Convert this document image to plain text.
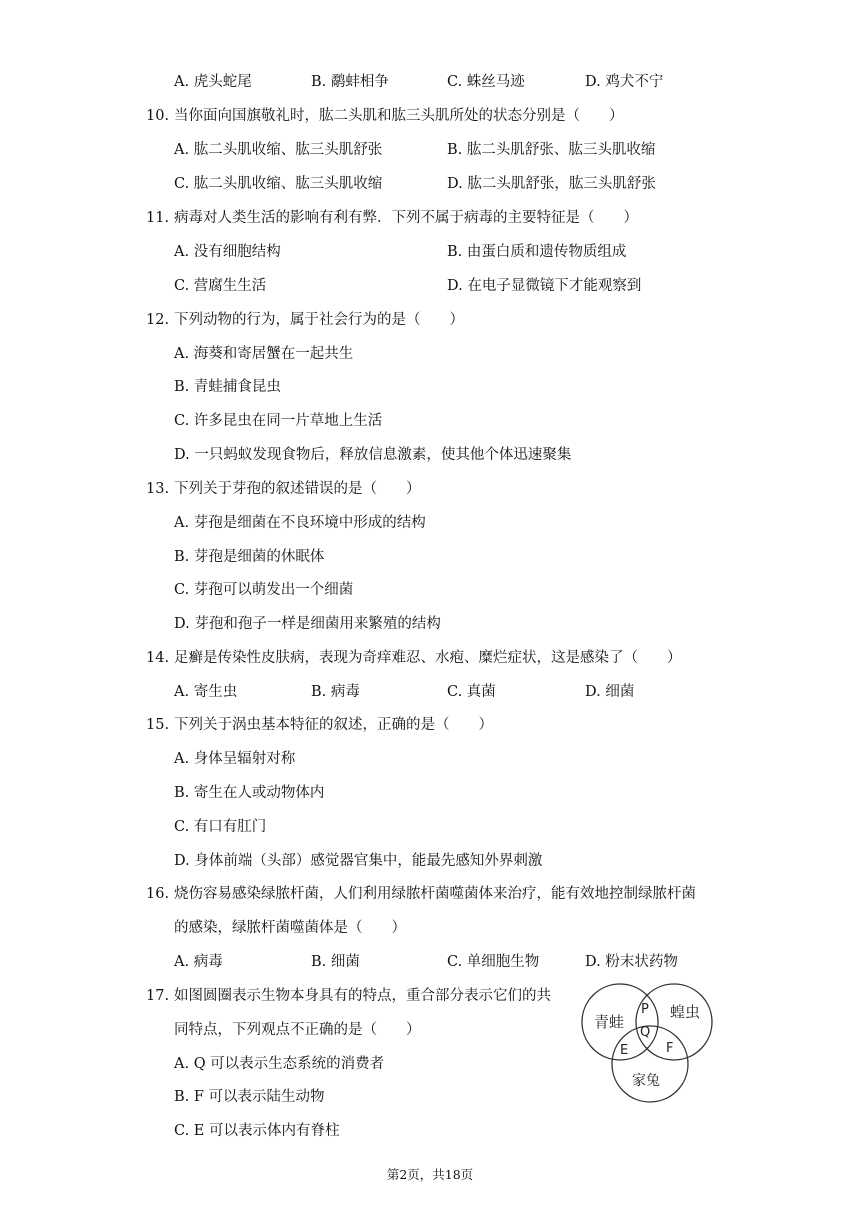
A. 虎头蛇尾	B. 鹬蚌相争	C. 蛛丝马迹	D. 鸡犬不宁
10. 当你面向国旗敬礼时，肱二头肌和肱三头肌所处的状态分别是（　　）
A. 肱二头肌收缩、肱三头肌舒张	B. 肱二头肌舒张、肱三头肌收缩
C. 肱二头肌收缩、肱三头肌收缩	D. 肱二头肌舒张，肱三头肌舒张
11. 病毒对人类生活的影响有利有弊．下列不属于病毒的主要特征是（　　）
A. 没有细胞结构	B. 由蛋白质和遗传物质组成
C. 营腐生生活	D. 在电子显微镜下才能观察到
12. 下列动物的行为，属于社会行为的是（　　）
A. 海葵和寄居蟹在一起共生
B. 青蛙捕食昆虫
C. 许多昆虫在同一片草地上生活
D. 一只蚂蚁发现食物后，释放信息激素，使其他个体迅速聚集
13. 下列关于芽孢的叙述错误的是（　　）
A. 芽孢是细菌在不良环境中形成的结构
B. 芽孢是细菌的休眠体
C. 芽孢可以萌发出一个细菌
D. 芽孢和孢子一样是细菌用来繁殖的结构
14. 足癣是传染性皮肤病，表现为奇痒难忍、水疱、糜烂症状，这是感染了（　　）
A. 寄生虫	B. 病毒	C. 真菌	D. 细菌
15. 下列关于涡虫基本特征的叙述，正确的是（　　）
A. 身体呈辐射对称
B. 寄生在人或动物体内
C. 有口有肛门
D. 身体前端（头部）感觉器官集中，能最先感知外界刺激
16. 烧伤容易感染绿脓杆菌，人们利用绿脓杆菌噬菌体来治疗，能有效地控制绿脓杆菌
的感染，绿脓杆菌噬菌体是（　　）
A. 病毒	B. 细菌	C. 单细胞生物	D. 粉末状药物
17. 如图圆圈表示生物本身具有的特点，重合部分表示它们的共
同特点，下列观点不正确的是（　　）
A. Q 可以表示生态系统的消费者
B. F 可以表示陆生动物
C. E 可以表示体内有脊柱
青蛙
蝗虫
家兔
P
Q
E	F
第2页，共18页
